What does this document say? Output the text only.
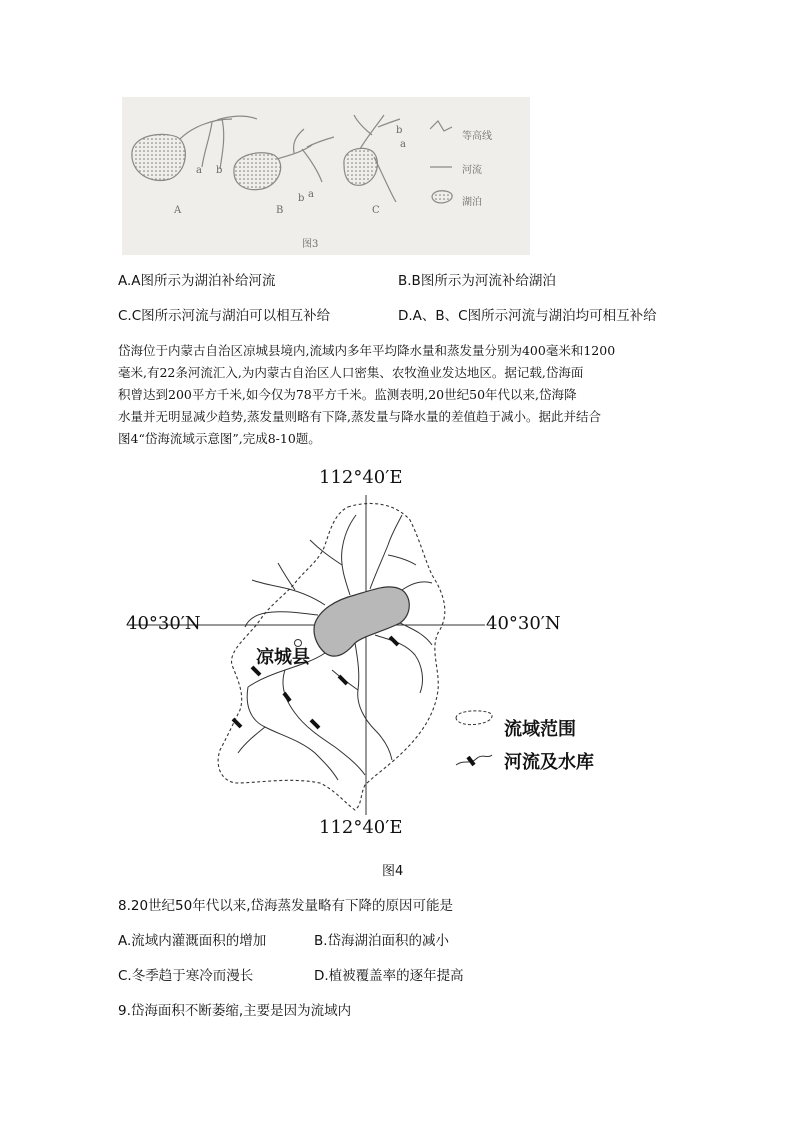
A	B	C
a b
b a
b
a
等高线
河流
湖泊
图3
A.A图所示为湖泊补给河流	B.B图所示为河流补给湖泊
C.C图所示河流与湖泊可以相互补给	D.A、B、C图所示河流与湖泊均可相互补给
岱海位于内蒙古自治区凉城县境内,流域内多年平均降水量和蒸发量分别为400毫米和1200
毫米,有22条河流汇入,为内蒙古自治区人口密集、农牧渔业发达地区。据记载,岱海面
积曾达到200平方千米,如今仅为78平方千米。监测表明,20世纪50年代以来,岱海降
水量并无明显减少趋势,蒸发量则略有下降,蒸发量与降水量的差值趋于减小。据此并结合
图4“岱海流域示意图”,完成8-10题。
112°40′E
112°40′E
40°30′N	40°30′N
凉城县
流域范围
河流及水库
图4
8.20世纪50年代以来,岱海蒸发量略有下降的原因可能是
A.流域内灌溉面积的增加	B.岱海湖泊面积的减小
C.冬季趋于寒冷而漫长	D.植被覆盖率的逐年提高
9.岱海面积不断萎缩,主要是因为流域内
